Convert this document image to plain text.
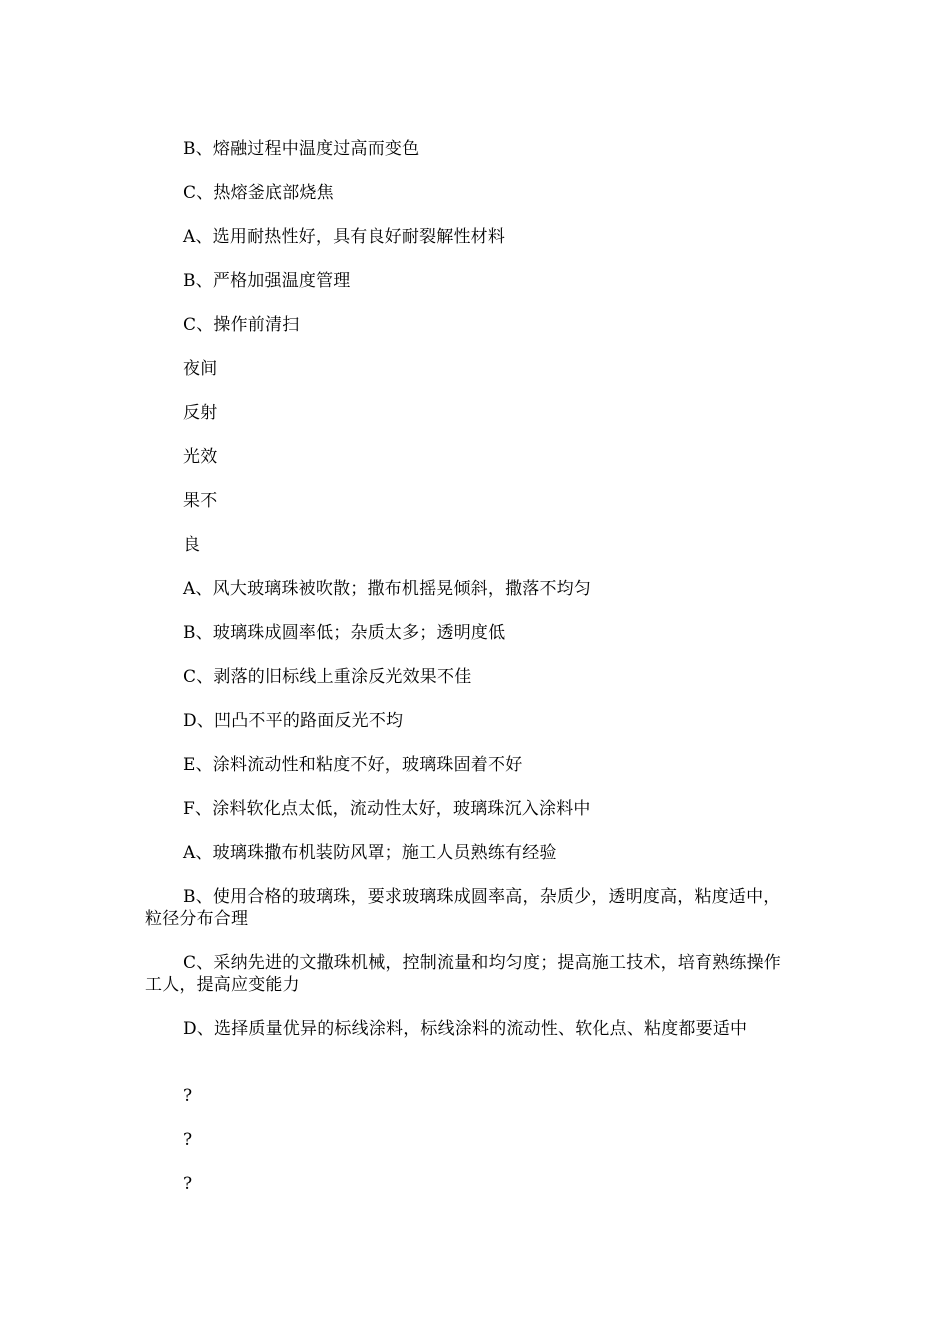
B、熔融过程中温度过高而变色

C、热熔釜底部烧焦

A、选用耐热性好，具有良好耐裂解性材料

B、严格加强温度管理

C、操作前清扫

夜间

反射

光效

果不

良

A、风大玻璃珠被吹散；撒布机摇晃倾斜，撒落不均匀

B、玻璃珠成圆率低；杂质太多；透明度低

C、剥落的旧标线上重涂反光效果不佳

D、凹凸不平的路面反光不均

E、涂料流动性和粘度不好，玻璃珠固着不好

F、涂料软化点太低，流动性太好，玻璃珠沉入涂料中

A、玻璃珠撒布机装防风罩；施工人员熟练有经验

B、使用合格的玻璃珠，要求玻璃珠成圆率高，杂质少，透明度高，粘度适中，粒径分布合理

C、采纳先进的文撒珠机械，控制流量和均匀度；提高施工技术，培育熟练操作工人，提高应变能力

D、选择质量优异的标线涂料，标线涂料的流动性、软化点、粘度都要适中

?

?

?
